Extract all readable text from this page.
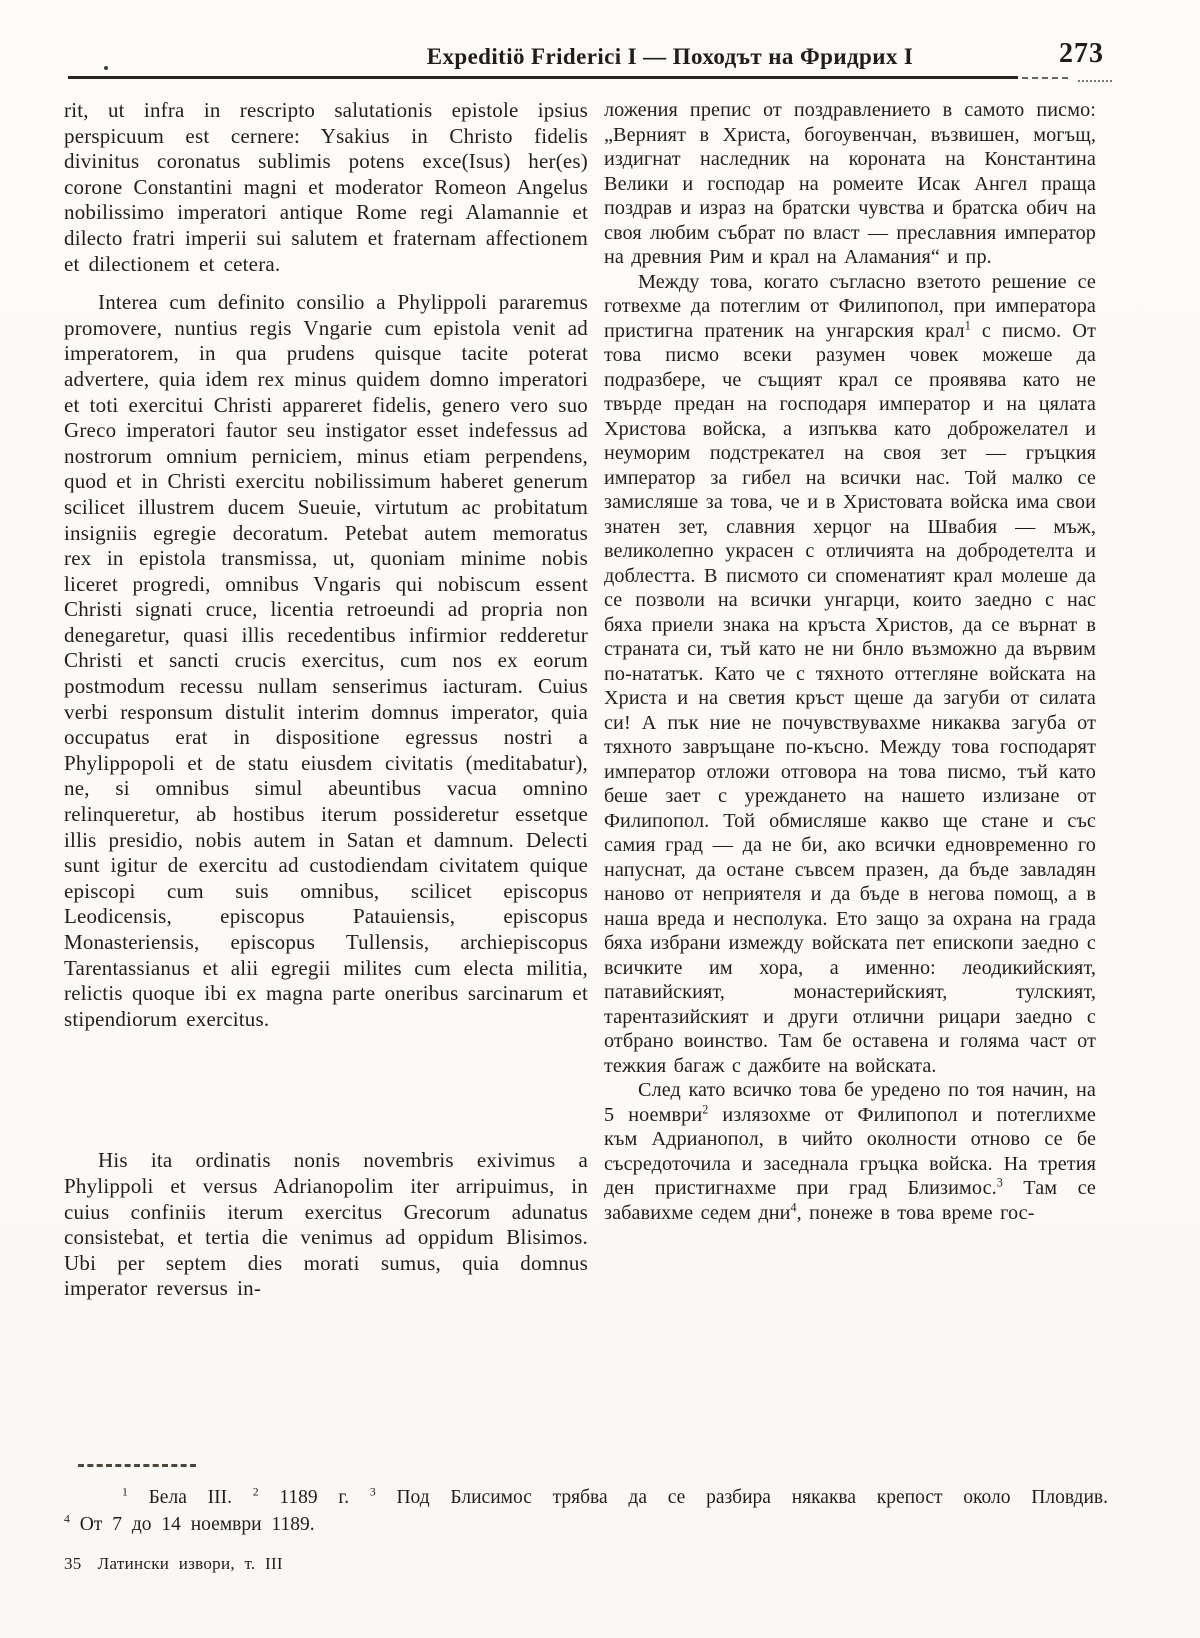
Expeditiö Friderici I — Походът на Фридрих I	273

rit, ut infra in rescripto salutationis epistole ipsius perspicuum est cernere: Ysakius in Christo fidelis divinitus coronatus sublimis potens exce(Isus) her(es) corone Constantini magni et moderator Romeon Angelus nobilissimo imperatori antique Rome regi Alamannie et dilecto fratri imperii sui salutem et fraternam affectionem et dilectionem et cetera.

Interea cum definito consilio a Phylippoli pararemus promovere, nuntius regis Vngarie cum epistola venit ad imperatorem, in qua prudens quisque tacite poterat advertere, quia idem rex minus quidem domno imperatori et toti exercitui Christi appareret fidelis, genero vero suo Greco imperatori fautor seu instigator esset indefessus ad nostrorum omnium perniciem, minus etiam perpendens, quod et in Christi exercitu nobilissimum haberet generum scilicet illustrem ducem Sueuie, virtutum ac probitatum insigniis egregie decoratum. Petebat autem memoratus rex in epistola transmissa, ut, quoniam minime nobis liceret progredi, omnibus Vngaris qui nobiscum essent Christi signati cruce, licentia retroeundi ad propria non denegaretur, quasi illis recedentibus infirmior redderetur Christi et sancti crucis exercitus, cum nos ex eorum postmodum recessu nullam senserimus iacturam. Cuius verbi responsum distulit interim domnus imperator, quia occupatus erat in dispositione egressus nostri a Phylippopoli et de statu eiusdem civitatis (meditabatur), ne, si omnibus simul abeuntibus vacua omnino relinqueretur, ab hostibus iterum possideretur essetque illis presidio, nobis autem in Satan et damnum. Delecti sunt igitur de exercitu ad custodiendam civitatem quique episcopi cum suis omnibus, scilicet episcopus Leodicensis, episcopus Patauiensis, episcopus Monasteriensis, episcopus Tullensis, archiepiscopus Tarentassianus et alii egregii milites cum electa militia, relictis quoque ibi ex magna parte oneribus sarcinarum et stipendiorum exercitus.

His ita ordinatis nonis novembris exivimus a Phylippoli et versus Adrianopolim iter arripuimus, in cuius confiniis iterum exercitus Grecorum adunatus consistebat, et tertia die venimus ad oppidum Blisimos. Ubi per septem dies morati sumus, quia domnus imperator reversus in-

ложения препис от поздравлението в самото писмо: „Верният в Христа, богоувенчан, възвишен, могъщ, издигнат наследник на короната на Константина Велики и господар на ромеите Исак Ангел праща поздрав и израз на братски чувства и братска обич на своя любим събрат по власт — преславния император на древния Рим и крал на Аламания“ и пр.

Между това, когато съгласно взетото решение се готвехме да потеглим от Филипопол, при императора пристигна пратеник на унгарския крал$^1$ с писмо. От това писмо всеки разумен човек можеше да подразбере, че същият крал се проявява като не твърде предан на господаря император и на цялата Христова войска, а изпъква като доброжелател и неуморим подстрекател на своя зет — гръцкия император за гибел на всички нас. Той малко се замисляше за това, че и в Христовата войска има свои знатен зет, славния херцог на Швабия — мъж, великолепно украсен с отличията на добродетелта и доблестта. В писмото си споменатият крал молеше да се позволи на всички унгарци, които заедно с нас бяха приели знака на кръста Христов, да се върнат в страната си, тъй като не ни бнло възможно да вървим по-нататък. Като че с тяхното оттегляне войската на Христа и на светия кръст щеше да загуби от силата си! А пък ние не почувствувахме никаква загуба от тяхното завръщане по-късно. Между това господарят император отложи отговора на това писмо, тъй като беше зает с уреждането на нашето излизане от Филипопол. Той обмисляше какво ще стане и със самия град — да не би, ако всички едновременно го напуснат, да остане съвсем празен, да бъде завладян наново от неприятеля и да бъде в негова помощ, а в наша вреда и несполука. Ето защо за охрана на града бяха избрани измежду войската пет епископи заедно с всичките им хора, а именно: леодикийският, патавийският, монастерийският, тулският, тарентазийският и други отлични рицари заедно с отбрано воинство. Там бе оставена и голяма част от тежкия багаж с дажбите на войската.

След като всичко това бе уредено по тоя начин, на 5 ноември$^2$ излязохме от Филипопол и потеглихме към Адрианопол, в чийто околности отново се бе съсредоточила и заседнала гръцка войска. На третия ден пристигнахме при град Близимос.$^3$ Там се забавихме седем дни$^4$, понеже в това време гос-

$^1$ Бела III. $^2$ 1189 г. $^3$ Под Блисимос трябва да се разбира някаква крепост около Пловдив.

$^4$ От 7 до 14 ноември 1189.

35 Латински извори, т. III
